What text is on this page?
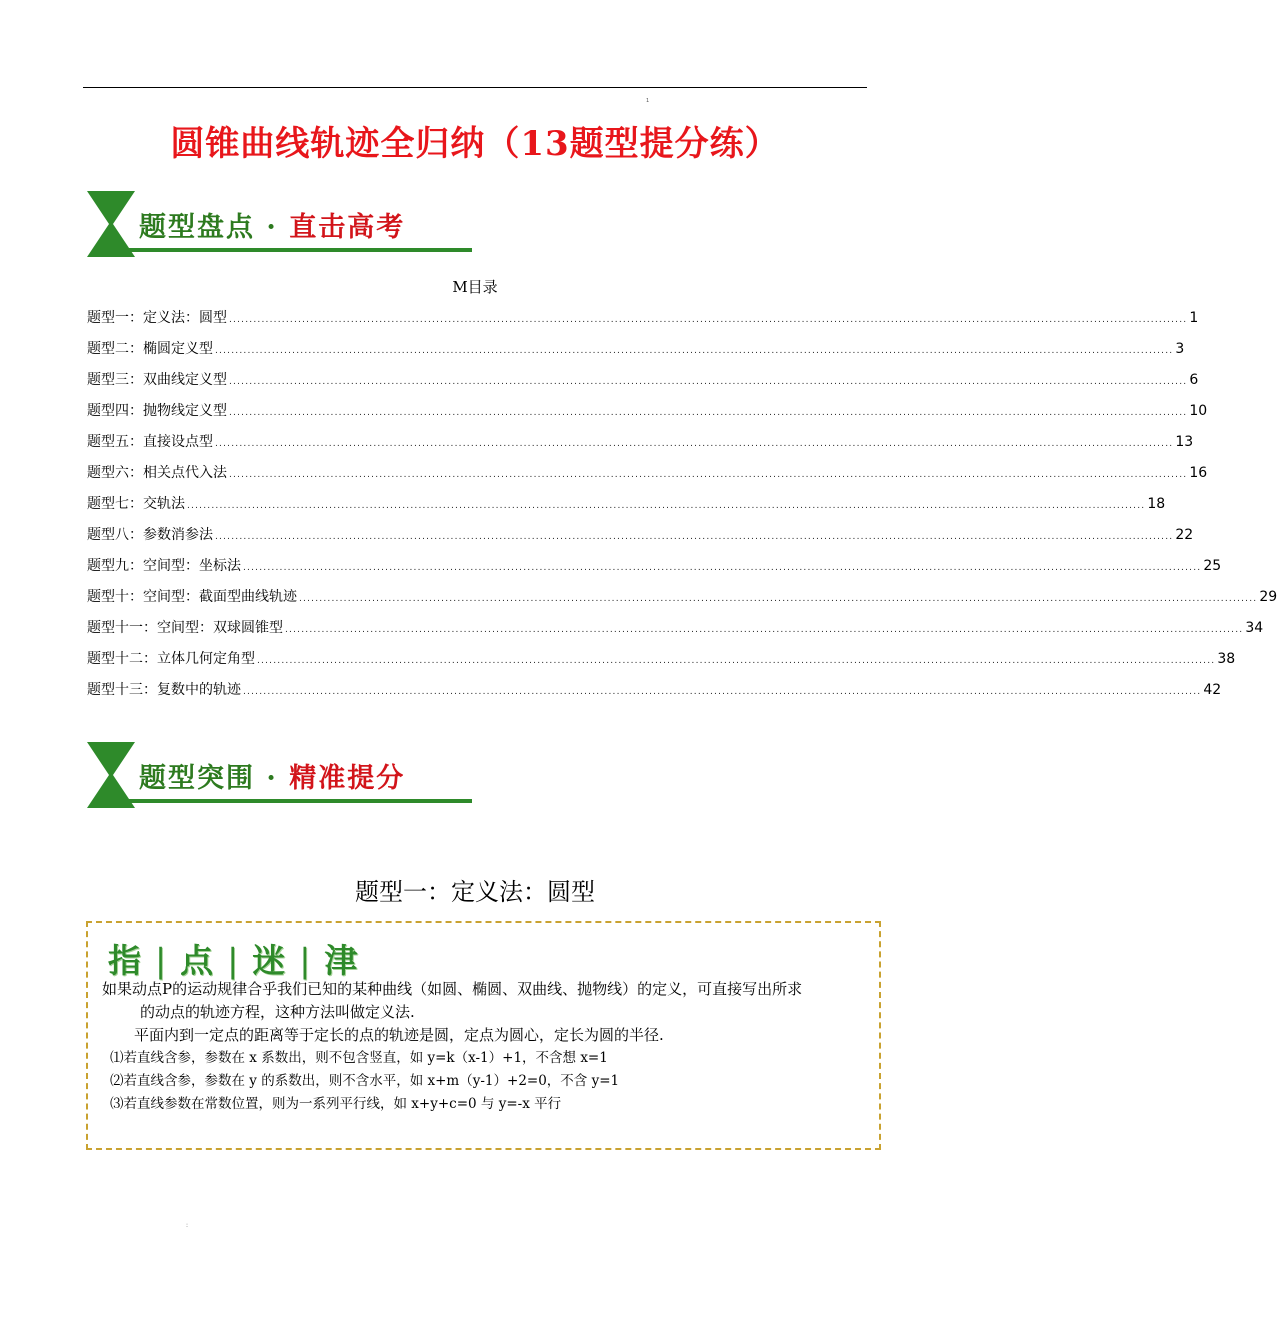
1
圆锥曲线轨迹全归纳（13题型提分练）
题型盘点 · 直击高考
M目录
题型一：定义法：圆型 ............................................................................................................................................................................................................................................ 1
题型二：椭圆定义型 ............................................................................................................................................................................................................................................ 3
题型三：双曲线定义型 ............................................................................................................................................................................................................................................ 6
题型四：抛物线定义型 ............................................................................................................................................................................................................................................ 10
题型五：直接设点型 ............................................................................................................................................................................................................................................ 13
题型六：相关点代入法 ............................................................................................................................................................................................................................................ 16
题型七：交轨法 ............................................................................................................................................................................................................................................ 18
题型八：参数消参法 ............................................................................................................................................................................................................................................ 22
题型九：空间型：坐标法 ............................................................................................................................................................................................................................................ 25
题型十：空间型：截面型曲线轨迹 ............................................................................................................................................................................................................................................ 29
题型十一：空间型：双球圆锥型 ............................................................................................................................................................................................................................................ 34
题型十二：立体几何定角型 ............................................................................................................................................................................................................................................ 38
题型十三：复数中的轨迹 ............................................................................................................................................................................................................................................ 42
题型突围 · 精准提分
题型一：定义法：圆型
指 | 点 | 迷 | 津

如果动点P的运动规律合乎我们已知的某种曲线（如圆、椭圆、双曲线、抛物线）的定义，可直接写出所求

的动点的轨迹方程，这种方法叫做定义法.

平面内到一定点的距离等于定长的点的轨迹是圆，定点为圆心，定长为圆的半径.

⑴若直线含参，参数在 x 系数出，则不包含竖直，如 y=k（x-1）+1，不含想 x=1

⑵若直线含参，参数在 y 的系数出，则不含水平，如 x+m（y-1）+2=0，不含 y=1

⑶若直线参数在常数位置，则为一系列平行线，如 x+y+c=0 与 y=-x 平行

:
